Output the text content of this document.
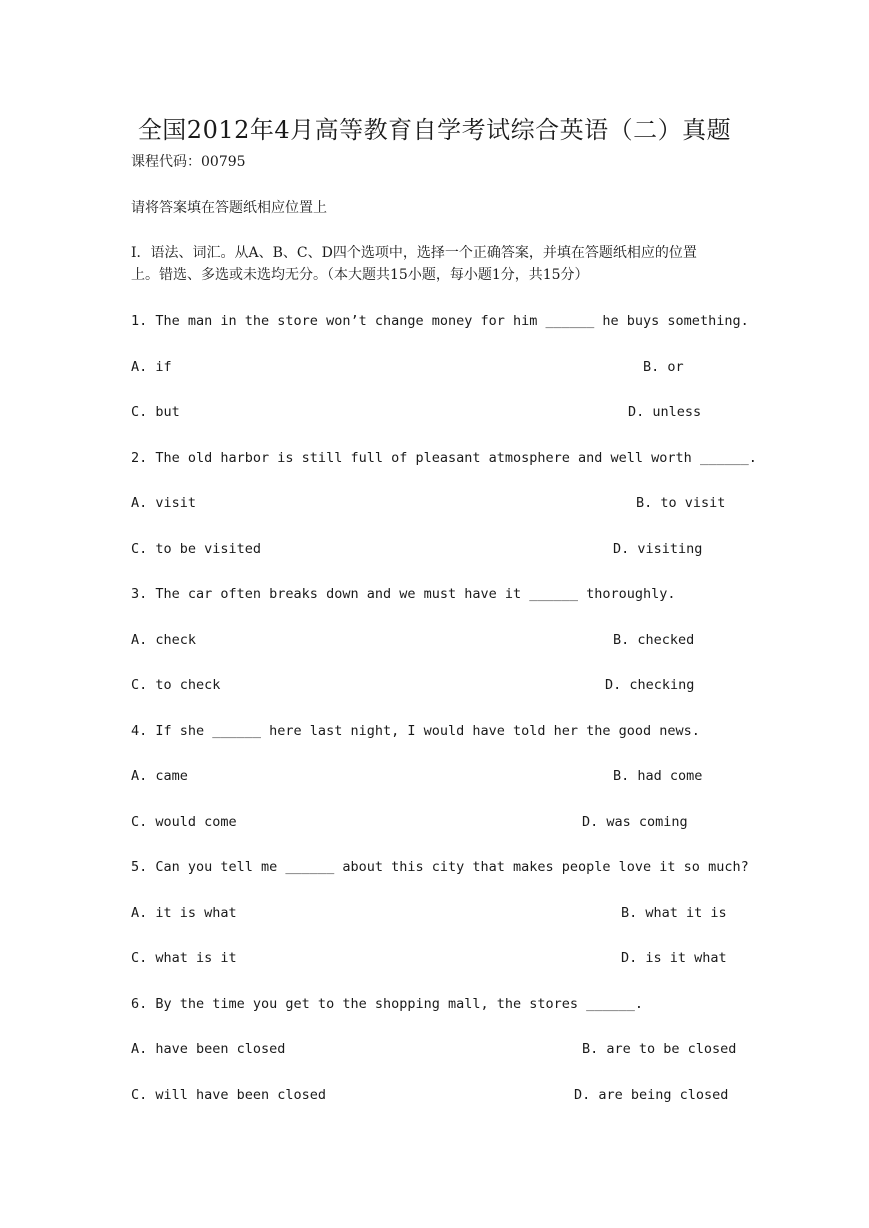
全国2012年4月高等教育自学考试综合英语（二）真题
课程代码：00795
请将答案填在答题纸相应位置上
I．语法、词汇。从A、B、C、D四个选项中，选择一个正确答案，并填在答题纸相应的位置
上。错选、多选或未选均无分。（本大题共15小题，每小题1分，共15分）
1. The man in the store won’t change money for him ______ he buys something.
A. if	B. or
C. but	D. unless
2. The old harbor is still full of pleasant atmosphere and well worth ______.
A. visit	B. to visit
C. to be visited	D. visiting
3. The car often breaks down and we must have it ______ thoroughly.
A. check	B. checked
C. to check	D. checking
4. If she ______ here last night, I would have told her the good news.
A. came	B. had come
C. would come	D. was coming
5. Can you tell me ______ about this city that makes people love it so much?
A. it is what	B. what it is
C. what is it	D. is it what
6. By the time you get to the shopping mall, the stores ______.
A. have been closed	B. are to be closed
C. will have been closed	D. are being closed
